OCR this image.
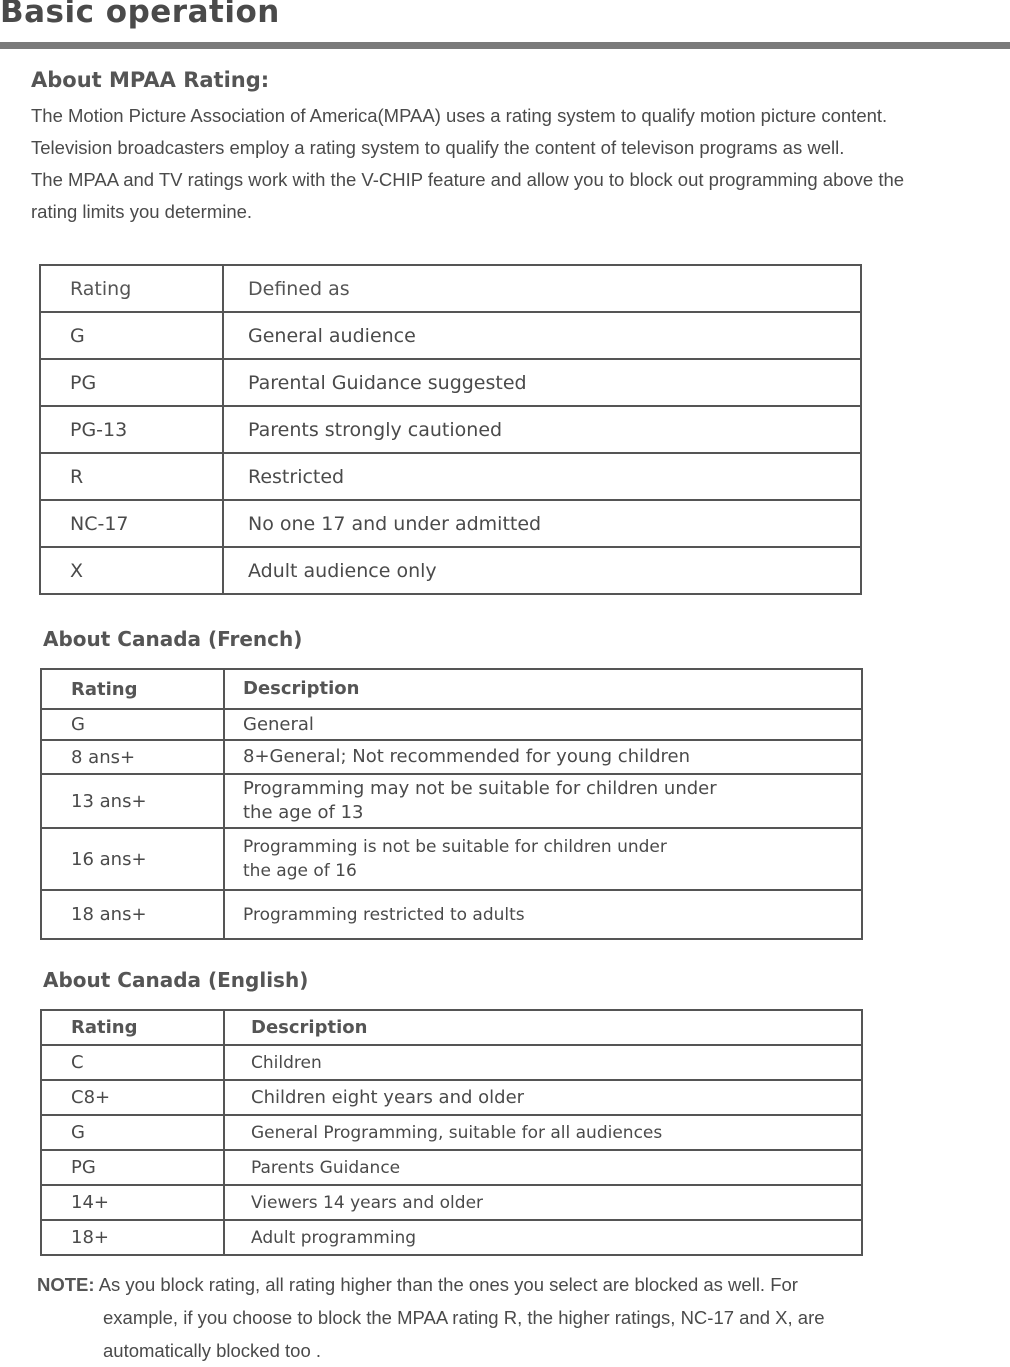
Basic operation
About MPAA Rating:
The Motion Picture Association of America(MPAA) uses a rating system to qualify motion picture content.
Television broadcasters employ a rating system to qualify the content of televison programs as well.
The MPAA and TV ratings work with the V-CHIP feature and allow you to block out programming above the
rating limits you determine.
Rating	Defined as
G	General audience
PG	Parental Guidance suggested
PG-13	Parents strongly cautioned
R	Restricted
NC-17	No one 17 and under admitted
X	Adult audience only
About Canada (French)
Rating	Description
G	General
8 ans+	8+General; Not recommended for young children
13 ans+	Programming may not be suitable for children under
the age of 13

16 ans+	Programming is not be suitable for children under
the age of 16

18 ans+	Programming restricted to adults
About Canada (English)
Rating	Description
C	Children
C8+	Children eight years and older
G	General Programming, suitable for all audiences
PG	Parents Guidance
14+	Viewers 14 years and older
18+	Adult programming
NOTE: As you block rating, all rating higher than the ones you select are blocked as well. For
example, if you choose to block the MPAA rating R, the higher ratings, NC-17 and X, are
automatically blocked too .
